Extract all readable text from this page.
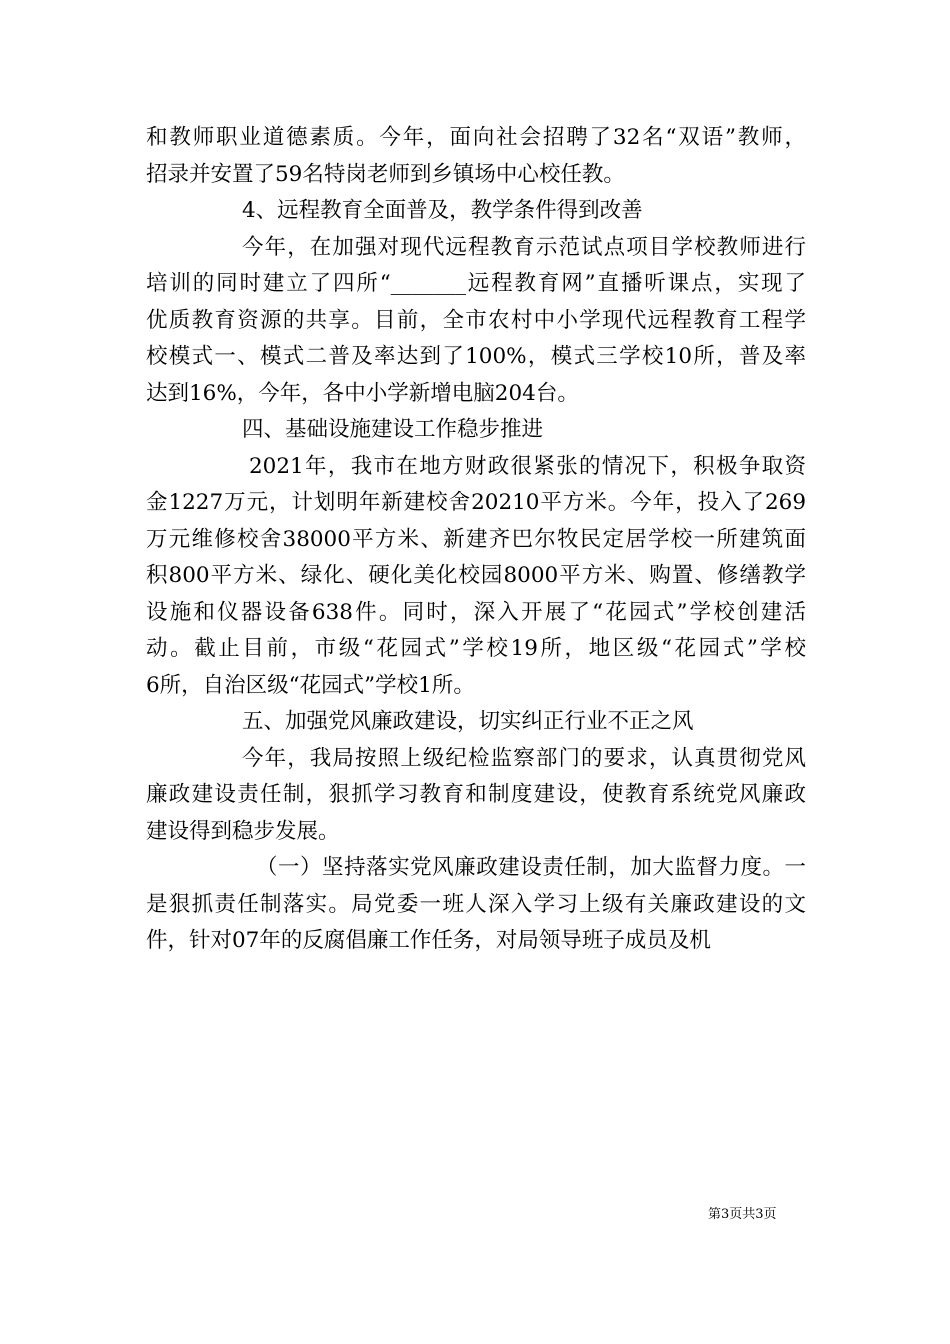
和教师职业道德素质。今年，面向社会招聘了32名“双语”教师，
招录并安置了59名特岗老师到乡镇场中心校任教。
4、远程教育全面普及，教学条件得到改善
今年，在加强对现代远程教育示范试点项目学校教师进行
培训的同时建立了四所“_______远程教育网”直播听课点，实现了
优质教育资源的共享。目前，全市农村中小学现代远程教育工程学
校模式一、模式二普及率达到了100%，模式三学校10所，普及率
达到16%，今年，各中小学新增电脑204台。
四、基础设施建设工作稳步推进
2021年，我市在地方财政很紧张的情况下，积极争取资
金1227万元，计划明年新建校舍20210平方米。今年，投入了269
万元维修校舍38000平方米、新建齐巴尔牧民定居学校一所建筑面
积800平方米、绿化、硬化美化校园8000平方米、购置、修缮教学
设施和仪器设备638件。同时，深入开展了“花园式”学校创建活
动。截止目前，市级“花园式”学校19所，地区级“花园式”学校
6所，自治区级“花园式”学校1所。
五、加强党风廉政建设，切实纠正行业不正之风
今年，我局按照上级纪检监察部门的要求，认真贯彻党风
廉政建设责任制，狠抓学习教育和制度建设，使教育系统党风廉政
建设得到稳步发展。
（一）坚持落实党风廉政建设责任制，加大监督力度。一
是狠抓责任制落实。局党委一班人深入学习上级有关廉政建设的文
件，针对07年的反腐倡廉工作任务，对局领导班子成员及机
第3页共3页
